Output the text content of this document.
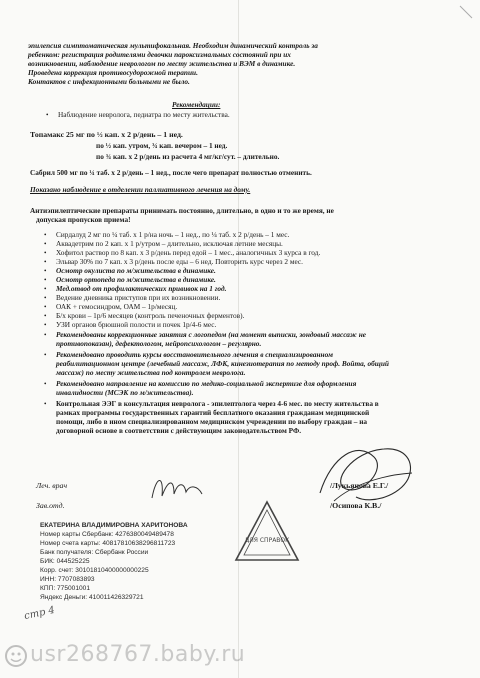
эпилепсия симптоматическая мультифокальная. Необходим динамический контроль за
ребенком: регистрация родителями девочки пароксизмальных состояний при их
возникновении, наблюдение неврологом по месту жительства и ВЭМ в динамике.
Проведена коррекция противосудорожной терапии.
Контактов с инфекционными больными не было.
Рекомендации:
• Наблюдение невролога, педиатра по месту жительства.
Топамакс 25 мг по ½ кап. х 2 р/день – 1 нед.
по ½ кап. утром, ¾ кап. вечером – 1 нед.
по ¾ кап. х 2 р/день из расчета 4 мг/кг/сут. – длительно.
Сабрил 500 мг по ¼ таб. х 2 р/день – 1 нед., после чего препарат полностью отменить.
Показано наблюдение в отделении паллиативного лечения на дому.
Антиэпилептические препараты принимать постоянно, длительно, в одно и то же время, не
допуская пропусков приема!
• Сирдалуд 2 мг по ¼ таб. х 1 р/на ночь – 1 нед., по ¼ таб. х 2 р/день – 1 мес.
• Аквадетрим по 2 кап. х 1 р/утром – длительно, исключая летние месяцы.
• Хофитол раствор по 8 кап. х 3 р/день перед едой – 1 мес., аналогичных 3 курса в год.
• Эльвар 30% по 7 кап. х 3 р/день после еды – 6 нед. Повторить курс через 2 мес.
• Осмотр окулиста по м/жительства в динамике.
• Осмотр ортопеда по м/жительства в динамике.
• Мед.отвод от профилактических прививок на 1 год.
• Ведение дневника приступов при их возникновении.
• ОАК + гемосиндром, ОАМ – 1р/месяц.
• Б/х крови – 1р/6 месяцев (контроль печеночных ферментов).
• УЗИ органов брюшной полости и почек 1р/4-6 мес.
• Рекомендованы коррекционные занятия с логопедом (на момент выписки, зондовый массаж не
противопоказан), дефектологом, нейропсихологом – регулярно.
• Рекомендовано проводить курсы восстановительного лечения в специализированном
реабилитационном центре (лечебный массаж, ЛФК, кинезиотерапия по методу проф. Войта, общий
массаж) по месту жительства под контролем невролога.
• Рекомендовано направление на комиссию по медико-социальной экспертизе для оформления
инвалидности (МСЭК по м/жительства).
• Контрольная ЭЭГ в консультация невролога - эпилептолога через 4-6 мес. по месту жительства в
рамках программы государственных гарантий бесплатного оказания гражданам медицинской
помощи, либо в ином специализированном медицинском учреждении по выбору граждан – на
договорной основе в соответствии с действующим законодательством РФ.
Леч. врач	/Лукьянова Е.Г./
Зав.отд.	/Осипова К.В./
ДЛЯ СПРАВОК
ЕКАТЕРИНА ВЛАДИМИРОВНА ХАРИТОНОВА
Номер карты Сбербанк: 4276380049489478
Номер счета карты: 40817810638296811723
Банк получателя: Сбербанк России
БИК: 044525225
Корр. счет: 30101810400000000225
ИНН: 7707083893
КПП: 775001001
Яндекс Деньги: 410011426329721
стр 4
usr268767.baby.ru
